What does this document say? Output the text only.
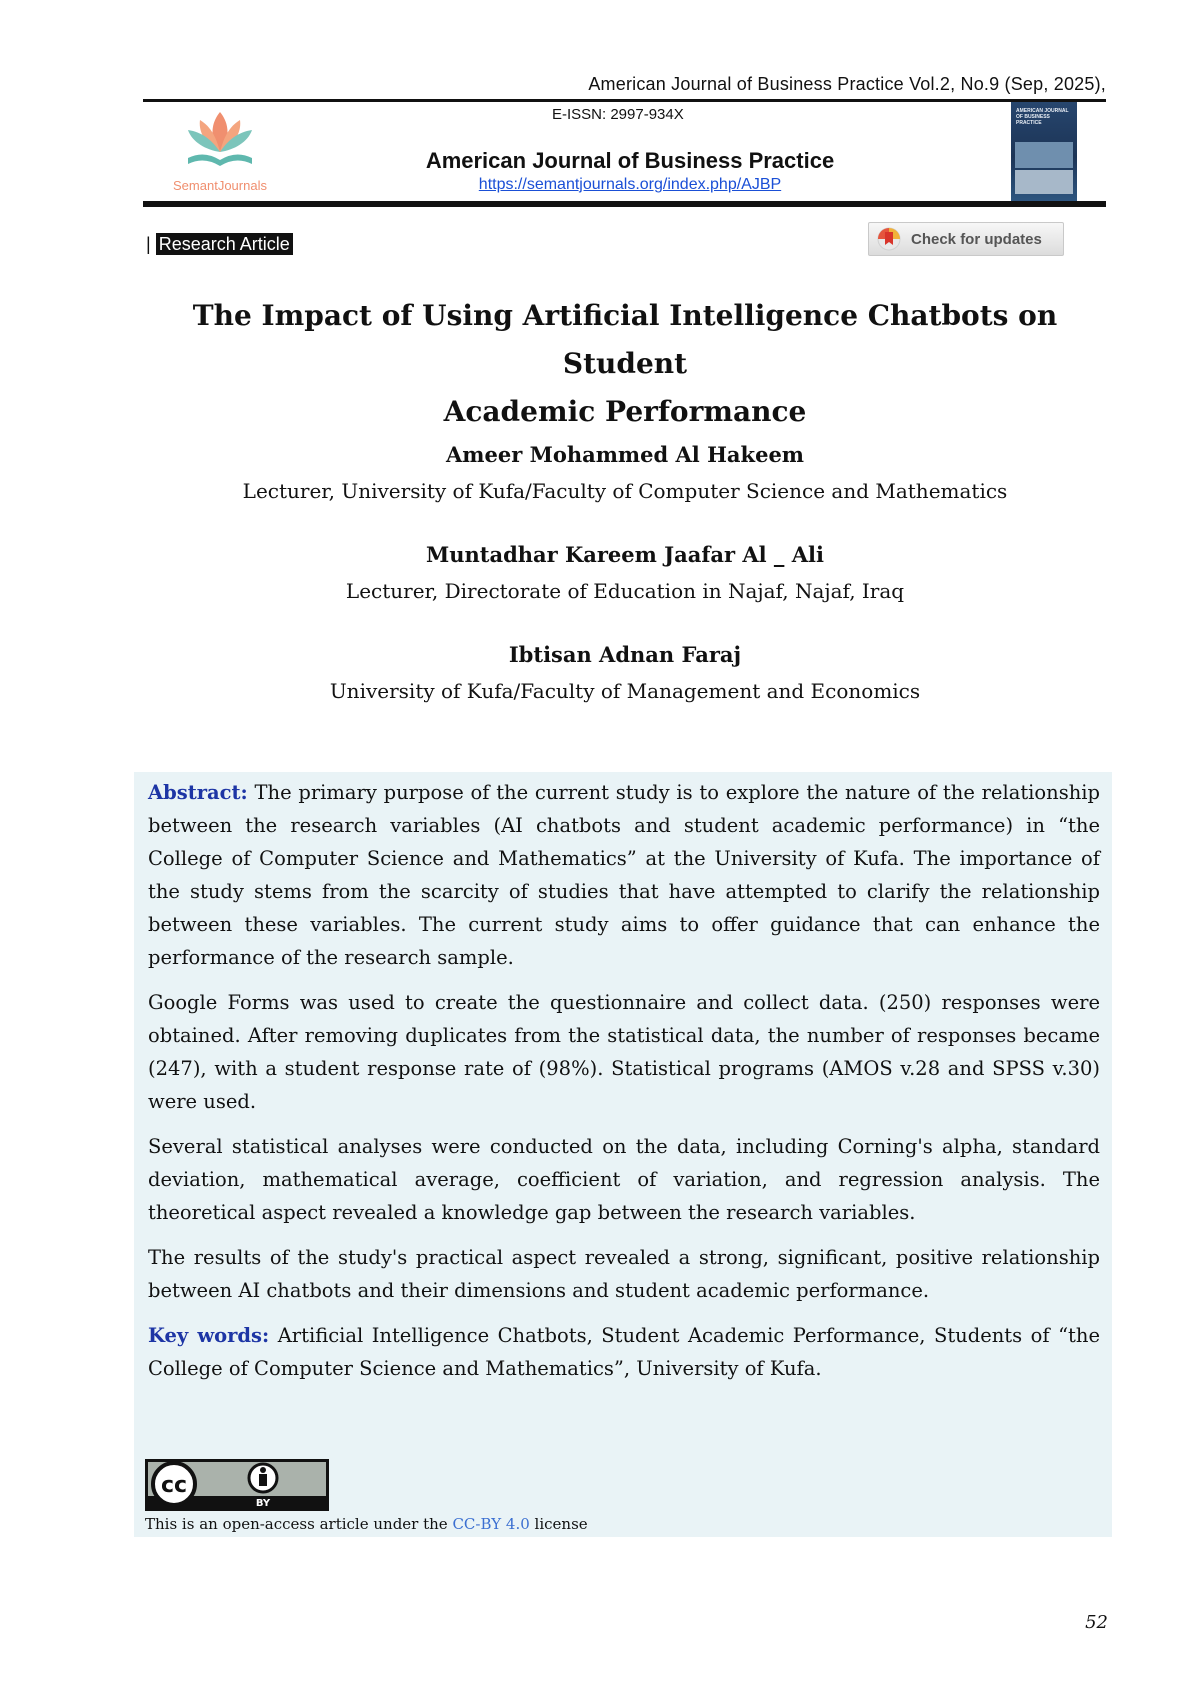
American Journal of Business Practice Vol.2, No.9 (Sep, 2025),
E-ISSN: 2997-934X
SemantJournals
American Journal of Business Practice
https://semantjournals.org/index.php/AJBP
AMERICAN JOURNAL OF BUSINESS PRACTICE
| Research Article	Check for updates
The Impact of Using Artificial Intelligence Chatbots on Student
Academic Performance
Ameer Mohammed Al Hakeem
Lecturer, University of Kufa/Faculty of Computer Science and Mathematics
Muntadhar Kareem Jaafar Al _ Ali
Lecturer, Directorate of Education in Najaf, Najaf, Iraq
Ibtisan Adnan Faraj
University of Kufa/Faculty of Management and Economics

Abstract: The primary purpose of the current study is to explore the nature of the relationship between the research variables (AI chatbots and student academic performance) in “the College of Computer Science and Mathematics” at the University of Kufa. The importance of the study stems from the scarcity of studies that have attempted to clarify the relationship between these variables. The current study aims to offer guidance that can enhance the performance of the research sample.

Google Forms was used to create the questionnaire and collect data. (250) responses were obtained. After removing duplicates from the statistical data, the number of responses became (247), with a student response rate of (98%). Statistical programs (AMOS v.28 and SPSS v.30) were used.

Several statistical analyses were conducted on the data, including Corning's alpha, standard deviation, mathematical average, coefficient of variation, and regression analysis. The theoretical aspect revealed a knowledge gap between the research variables.

The results of the study's practical aspect revealed a strong, significant, positive relationship between AI chatbots and their dimensions and student academic performance.

Key words: Artificial Intelligence Chatbots, Student Academic Performance, Students of “the College of Computer Science and Mathematics”, University of Kufa.

cc
BY
This is an open-access article under the CC-BY 4.0 license
52
